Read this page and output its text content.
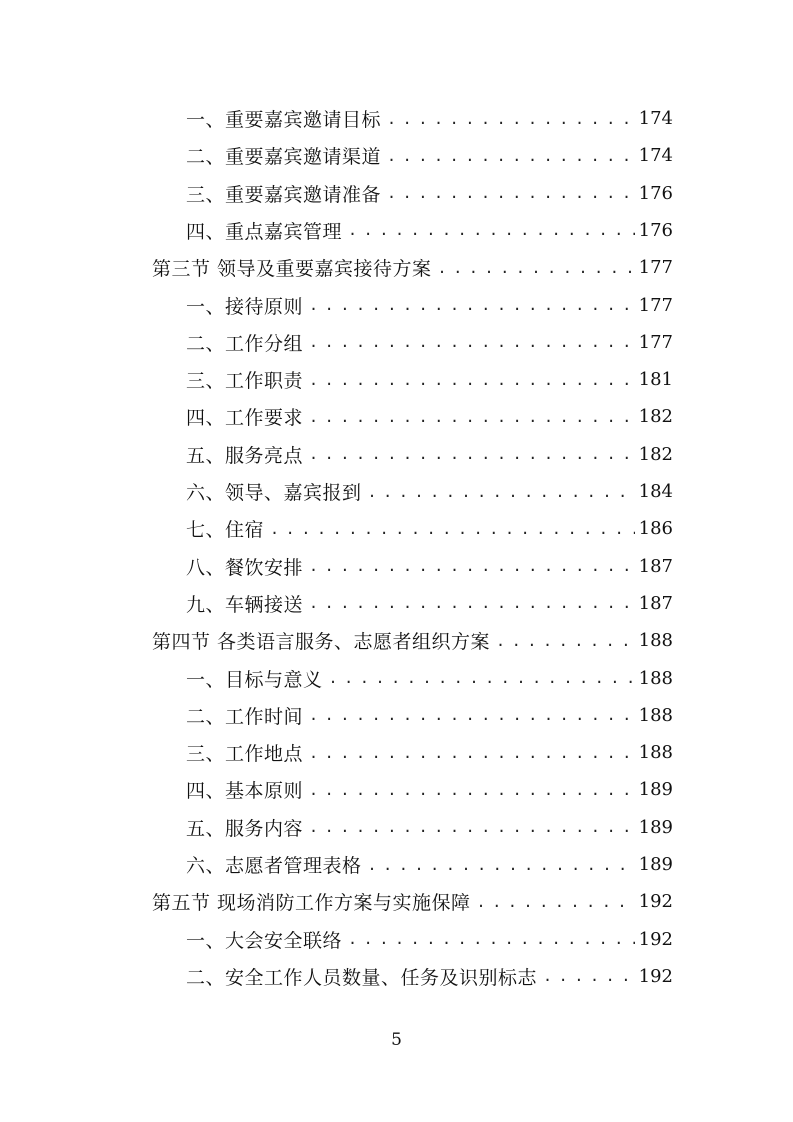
一、重要嘉宾邀请目标 . . .	174
二、重要嘉宾邀请渠道 . . .	174
三、重要嘉宾邀请准备 . . .	176
四、重点嘉宾管理 . . .	176
第三节 领导及重要嘉宾接待方案 . . .	177
一、接待原则 . . .	177
二、工作分组 . . .	177
三、工作职责 . . .	181
四、工作要求 . . .	182
五、服务亮点 . . .	182
六、领导、嘉宾报到 . . .	184
七、住宿 . . .	186
八、餐饮安排 . . .	187
九、车辆接送 . . .	187
第四节 各类语言服务、志愿者组织方案 . . .	188
一、目标与意义 . . .	188
二、工作时间 . . .	188
三、工作地点 . . .	188
四、基本原则 . . .	189
五、服务内容 . . .	189
六、志愿者管理表格 . . .	189
第五节 现场消防工作方案与实施保障 . . .	192
一、大会安全联络 . . .	192
二、安全工作人员数量、任务及识别标志 . . .	192
5
